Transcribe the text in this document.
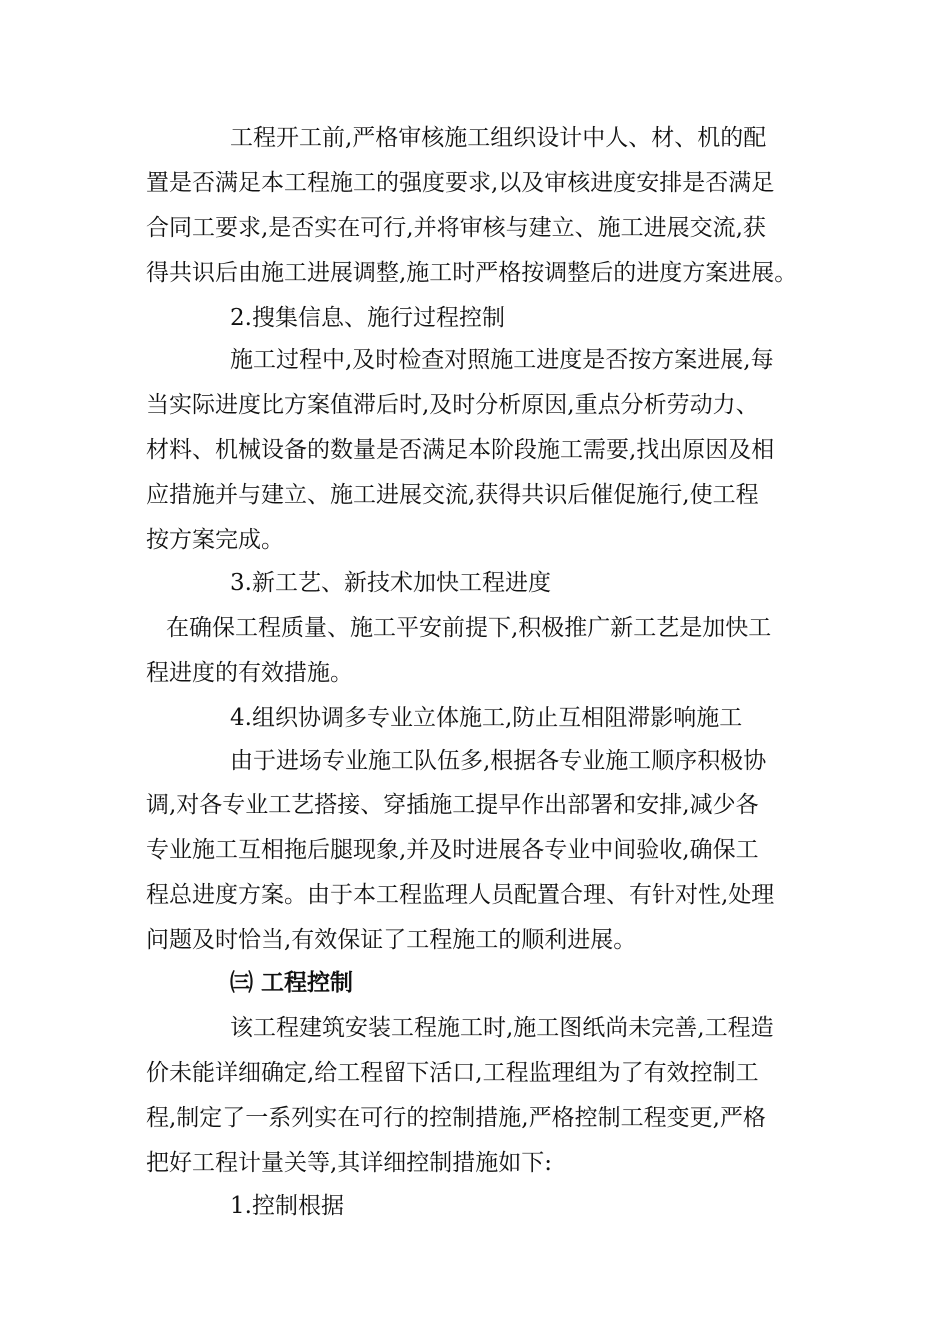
工程开工前,严格审核施工组织设计中人、材、机的配
置是否满足本工程施工的强度要求,以及审核进度安排是否满足
合同工要求,是否实在可行,并将审核与建立、施工进展交流,获
得共识后由施工进展调整,施工时严格按调整后的进度方案进展。
2.搜集信息、施行过程控制
施工过程中,及时检查对照施工进度是否按方案进展,每
当实际进度比方案值滞后时,及时分析原因,重点分析劳动力、
材料、机械设备的数量是否满足本阶段施工需要,找出原因及相
应措施并与建立、施工进展交流,获得共识后催促施行,使工程
按方案完成。
3.新工艺、新技术加快工程进度
在确保工程质量、施工平安前提下,积极推广新工艺是加快工
程进度的有效措施。
4.组织协调多专业立体施工,防止互相阻滞影响施工
由于进场专业施工队伍多,根据各专业施工顺序积极协
调,对各专业工艺搭接、穿插施工提早作出部署和安排,减少各
专业施工互相拖后腿现象,并及时进展各专业中间验收,确保工
程总进度方案。由于本工程监理人员配置合理、有针对性,处理
问题及时恰当,有效保证了工程施工的顺利进展。
㈢ 工程控制
该工程建筑安装工程施工时,施工图纸尚未完善,工程造
价未能详细确定,给工程留下活口,工程监理组为了有效控制工
程,制定了一系列实在可行的控制措施,严格控制工程变更,严格
把好工程计量关等,其详细控制措施如下:
1.控制根据
